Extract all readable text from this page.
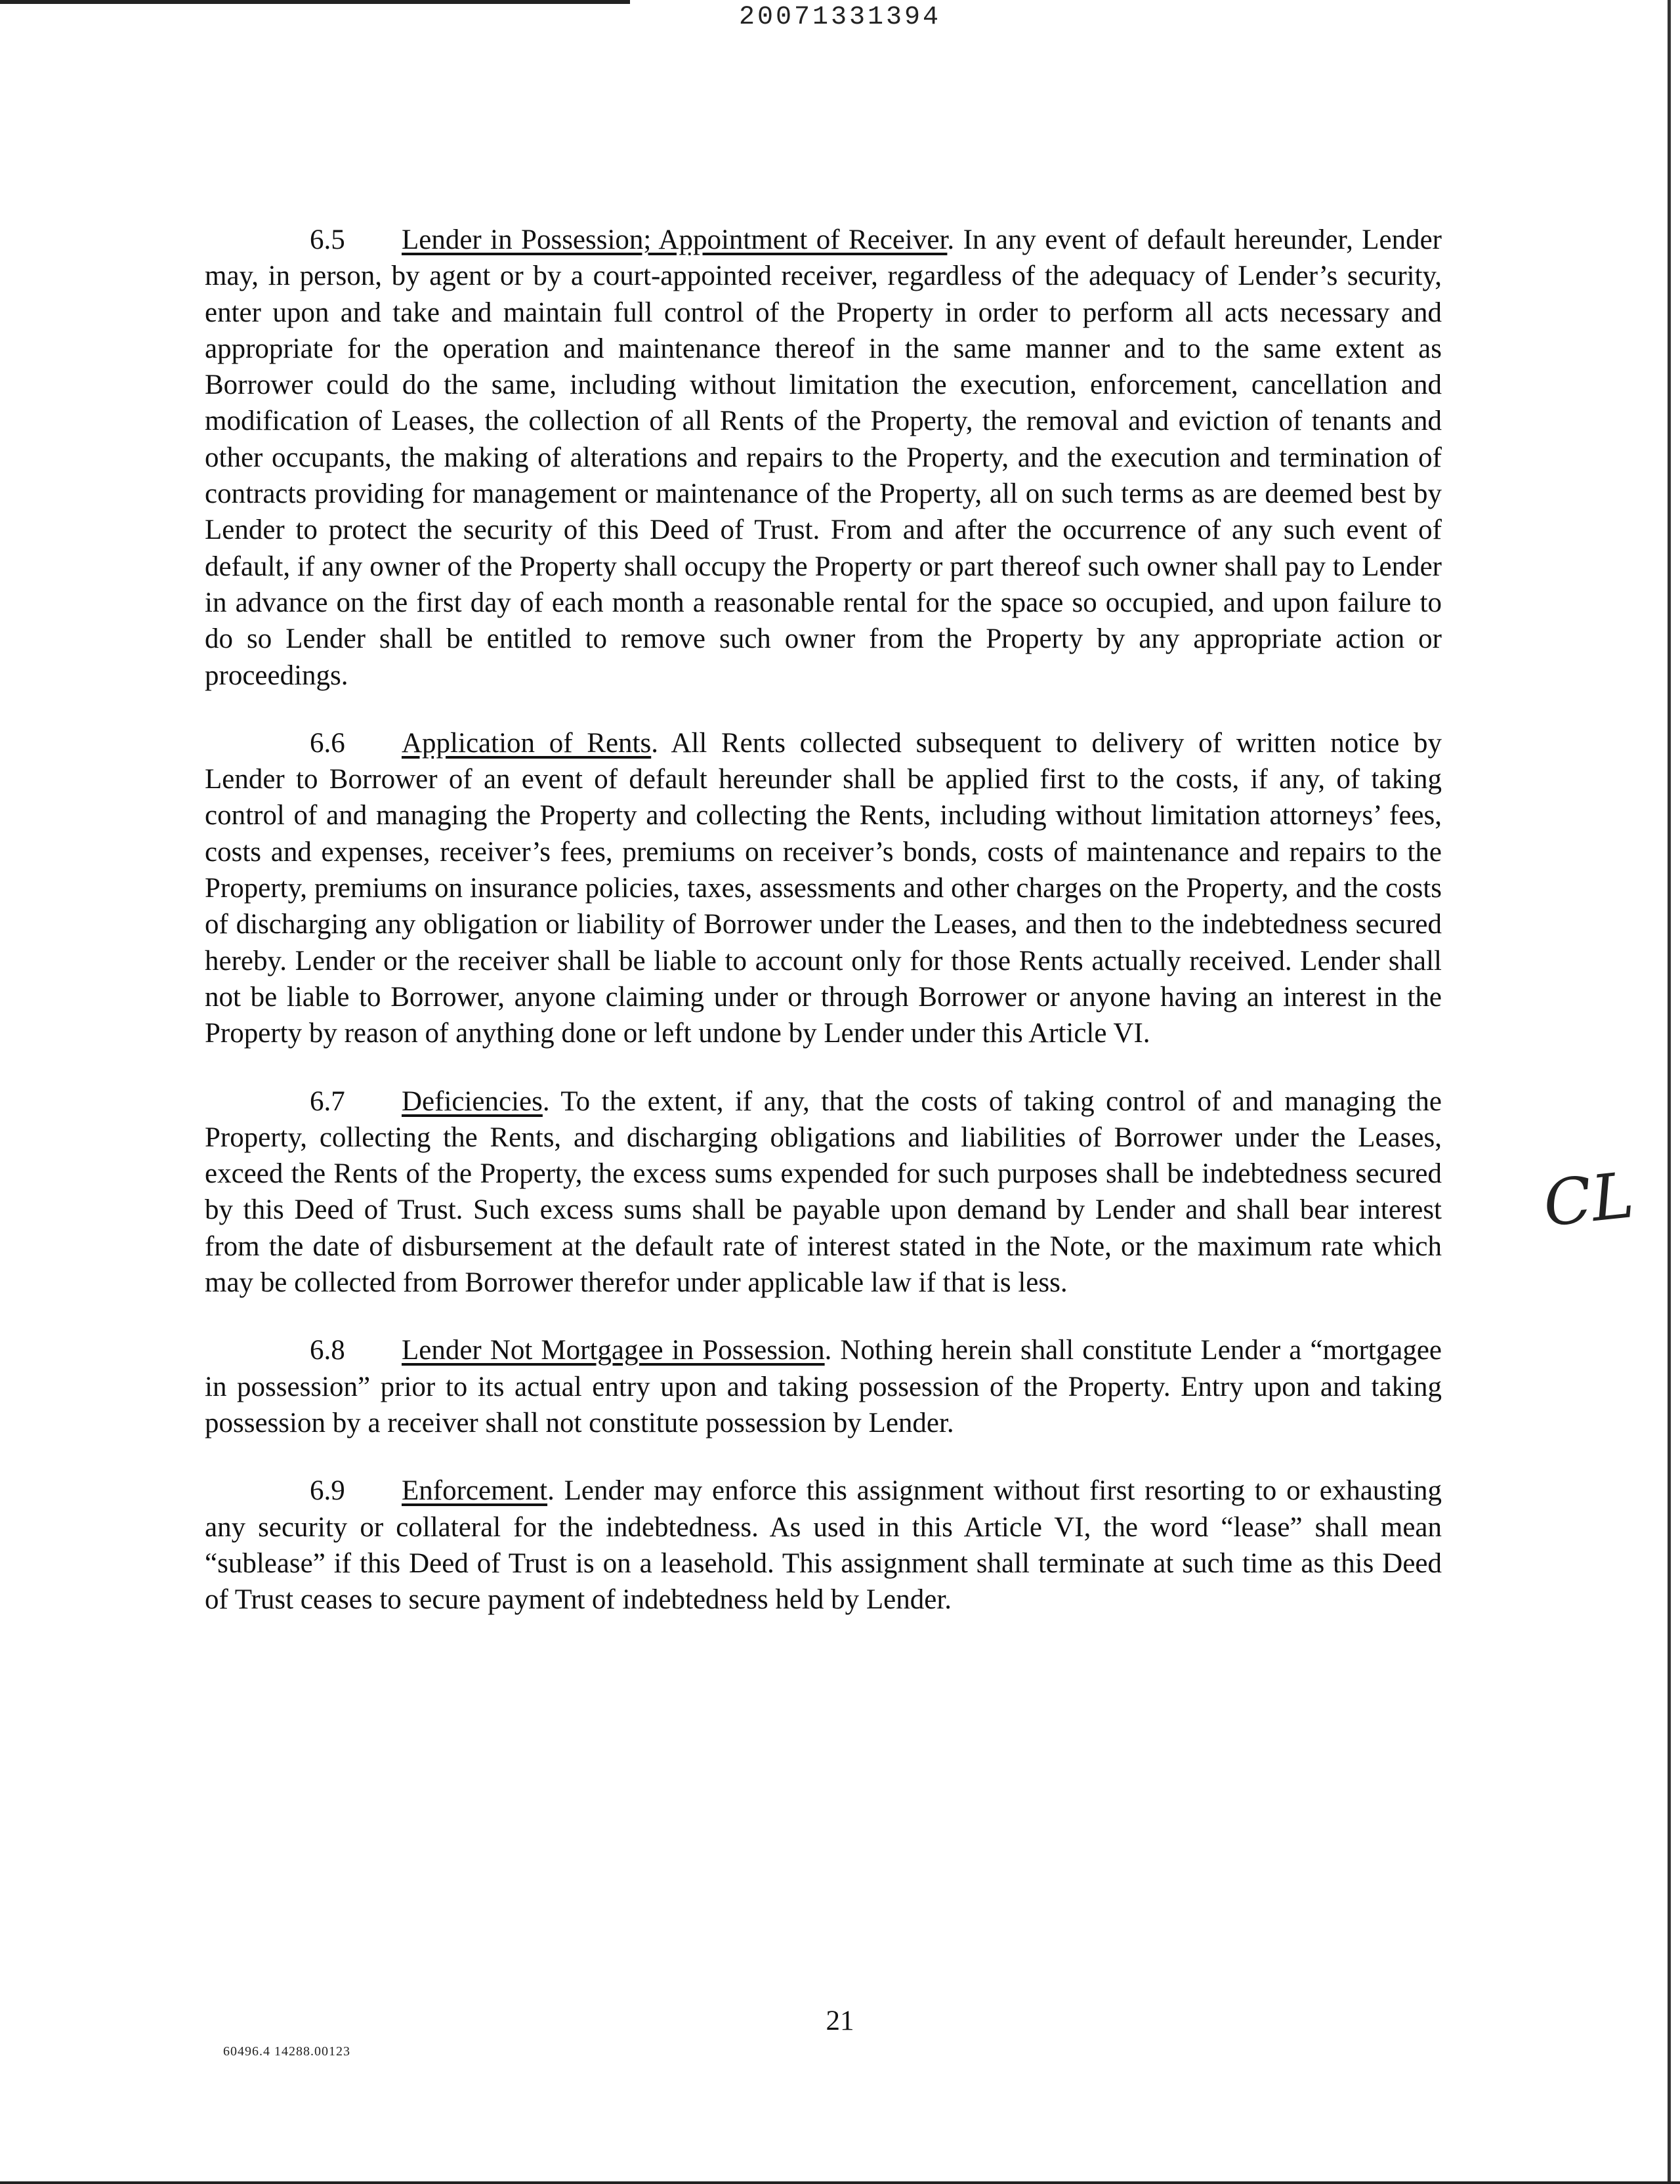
20071331394

6.5 Lender in Possession; Appointment of Receiver. In any event of default hereunder, Lender may, in person, by agent or by a court-appointed receiver, regardless of the adequacy of Lender’s security, enter upon and take and maintain full control of the Property in order to perform all acts necessary and appropriate for the operation and maintenance thereof in the same manner and to the same extent as Borrower could do the same, including without limitation the execution, enforcement, cancellation and modification of Leases, the collection of all Rents of the Property, the removal and eviction of tenants and other occupants, the making of alterations and repairs to the Property, and the execution and termination of contracts providing for management or maintenance of the Property, all on such terms as are deemed best by Lender to protect the security of this Deed of Trust. From and after the occurrence of any such event of default, if any owner of the Property shall occupy the Property or part thereof such owner shall pay to Lender in advance on the first day of each month a reasonable rental for the space so occupied, and upon failure to do so Lender shall be entitled to remove such owner from the Property by any appropriate action or proceedings.

6.6 Application of Rents. All Rents collected subsequent to delivery of written notice by Lender to Borrower of an event of default hereunder shall be applied first to the costs, if any, of taking control of and managing the Property and collecting the Rents, including without limitation attorneys’ fees, costs and expenses, receiver’s fees, premiums on receiver’s bonds, costs of maintenance and repairs to the Property, premiums on insurance policies, taxes, assessments and other charges on the Property, and the costs of discharging any obligation or liability of Borrower under the Leases, and then to the indebtedness secured hereby. Lender or the receiver shall be liable to account only for those Rents actually received. Lender shall not be liable to Borrower, anyone claiming under or through Borrower or anyone having an interest in the Property by reason of anything done or left undone by Lender under this Article VI.

6.7 Deficiencies. To the extent, if any, that the costs of taking control of and managing the Property, collecting the Rents, and discharging obligations and liabilities of Borrower under the Leases, exceed the Rents of the Property, the excess sums expended for such purposes shall be indebtedness secured by this Deed of Trust. Such excess sums shall be payable upon demand by Lender and shall bear interest from the date of disbursement at the default rate of interest stated in the Note, or the maximum rate which may be collected from Borrower therefor under applicable law if that is less.

6.8 Lender Not Mortgagee in Possession. Nothing herein shall constitute Lender a “mortgagee in possession” prior to its actual entry upon and taking possession of the Property. Entry upon and taking possession by a receiver shall not constitute possession by Lender.

6.9 Enforcement. Lender may enforce this assignment without first resorting to or exhausting any security or collateral for the indebtedness. As used in this Article VI, the word “lease” shall mean “sublease” if this Deed of Trust is on a leasehold. This assignment shall terminate at such time as this Deed of Trust ceases to secure payment of indebtedness held by Lender.

CL
21
60496.4 14288.00123
